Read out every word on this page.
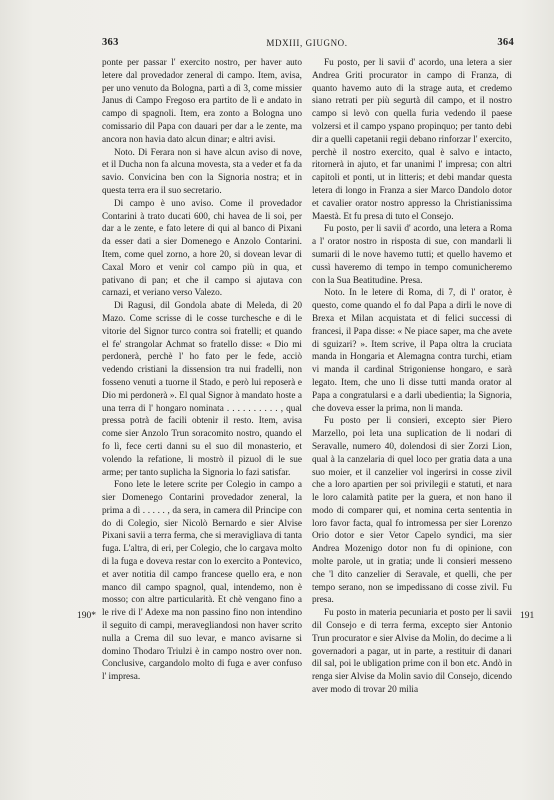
363	MDXIII, GIUGNO.	364

ponte per passar l' exercito nostro, per haver auto letere dal provedador zeneral di campo. Item, avisa, per uno venuto da Bologna, partì a dì 3, come missier Janus di Campo Fregoso era partito de lì e andato in campo di spagnoli. Item, era zonto a Bologna uno comissario dil Papa con dauari per dar a le zente, ma ancora non havia dato alcun dinar; e altri avisi.

Noto. Di Ferara non si have alcun aviso di nove, et il Ducha non fa alcuna movesta, sta a veder et fa da savio. Convicina ben con la Signoria nostra; et in questa terra era il suo secretario.

Di campo è uno aviso. Come il provedador Contarini à trato ducati 600, chi havea de li soi, per dar a le zente, e fato letere di qui al banco di Pixani da esser dati a sier Domenego e Anzolo Contarini. Item, come quel zorno, a hore 20, si dovean levar di Caxal Moro et venir col campo più in qua, et pativano di pan; et che il campo si ajutava con carnazi, et veriano verso Valezo.

Di Ragusi, dil Gondola abate di Meleda, di 20 Mazo. Come scrisse di le cosse turchesche e di le vitorie del Signor turco contra soi fratelli; et quando el fe' strangolar Achmat so fratello disse: « Dio mi perdonerà, perchè l' ho fato per le fede, acciò vedendo cristiani la dissension tra nui fradelli, non fosseno venuti a tuorne il Stado, e però lui reposerà e Dio mi perdonerà ». El qual Signor à mandato hoste a una terra di l' hongaro nominata . . . . . . . . . . , qual pressa potrà de facili obtenir il resto. Item, avisa come sier Anzolo Trun soracomito nostro, quando el fo lì, fece certi danni su el suo dil monasterio, et volendo la refatione, li mostrò il pizuol di le sue arme; per tanto suplicha la Signoria lo fazi satisfar.

Fono lete le letere scrite per Colegio in campo a sier Domenego Contarini provedador zeneral, la prima a dì . . . . . , da sera, in camera dil Principe con do di Colegio, sier Nicolò Bernardo e sier Alvise Pixani savii a terra ferma, che si meravigliava di tanta fuga. L'altra, di eri, per Colegio, che lo cargava molto di la fuga e doveva restar con lo exercito a Pontevico, et aver notitia dil campo francese quello era, e non manco dil campo spagnol, qual, intendemo, non è mosso; con altre particularità. Et chè vengano fino a le rive di l' Adexe ma non passino fino non intendino il seguito di campi, meravegliandosi non haver scrito nulla a Crema dil suo levar, e manco avisarne si domino Thodaro Triulzi è in campo nostro over non. Conclusive, cargandolo molto di fuga e aver confuso l' impresa.

Fu posto, per li savii d' acordo, una letera a sier Andrea Griti procurator in campo di Franza, di quanto havemo auto di la strage auta, et credemo siano retrati per più segurtà dil campo, et il nostro campo si levò con quella furia vedendo il paese volzersi et il campo yspano propinquo; per tanto debi dir a quelli capetanii regii debano rinforzar l' exercito, perchè il nostro exercito, qual è salvo e intacto, ritornerà in ajuto, et far unanimi l' impresa; con altri capitoli et ponti, ut in litteris; et debi mandar questa letera di longo in Franza a sier Marco Dandolo dotor et cavalier orator nostro appresso la Christianissima Maestà. Et fu presa di tuto el Consejo.

Fu posto, per li savii d' acordo, una letera a Roma a l' orator nostro in risposta di sue, con mandarli li sumarii di le nove havemo tutti; et quello havemo et cussì haveremo di tempo in tempo comunicheremo con la Sua Beatitudine. Presa.

Noto. In le letere di Roma, di 7, di l' orator, è questo, come quando el fo dal Papa a dirli le nove di Brexa et Milan acquistata et di felici successi di francesi, il Papa disse: « Ne piace saper, ma che avete di sguizari? ». Item scrive, il Papa oltra la cruciata manda in Hongaria et Alemagna contra turchi, etiam vi manda il cardinal Strigoniense hongaro, e sarà legato. Item, che uno li disse tutti manda orator al Papa a congratularsi e a darli ubedientia; la Signoria, che doveva esser la prima, non li manda.

Fu posto per li consieri, excepto sier Piero Marzello, poi leta una suplication de li nodari di Seravalle, numero 40, dolendosi di sier Zorzi Lion, qual à la canzelaria di quel loco per gratia data a una suo moier, et il canzelier vol ingerirsi in cosse zivil che a loro apartien per soi privilegii e statuti, et nara le loro calamità patite per la guera, et non hano il modo di comparer qui, et nomina certa sententia in loro favor facta, qual fo intromessa per sier Lorenzo Orio dotor e sier Vetor Capelo syndici, ma sier Andrea Mozenigo dotor non fu di opinione, con molte parole, ut in gratia; unde li consieri messeno che 'l dito canzelier di Seravale, et quelli, che per tempo serano, non se impedissano di cosse zivil. Fu presa.

Fu posto in materia pecuniaria et posto per li savii dil Consejo e di terra ferma, excepto sier Antonio Trun procurator e sier Alvise da Molin, do decime a li governadori a pagar, ut in parte, a restituir di danari dil sal, poi le ubligation prime con il bon etc. Andò in renga sier Alvise da Molin savio dil Consejo, dicendo aver modo di trovar 20 milia

190*	191
